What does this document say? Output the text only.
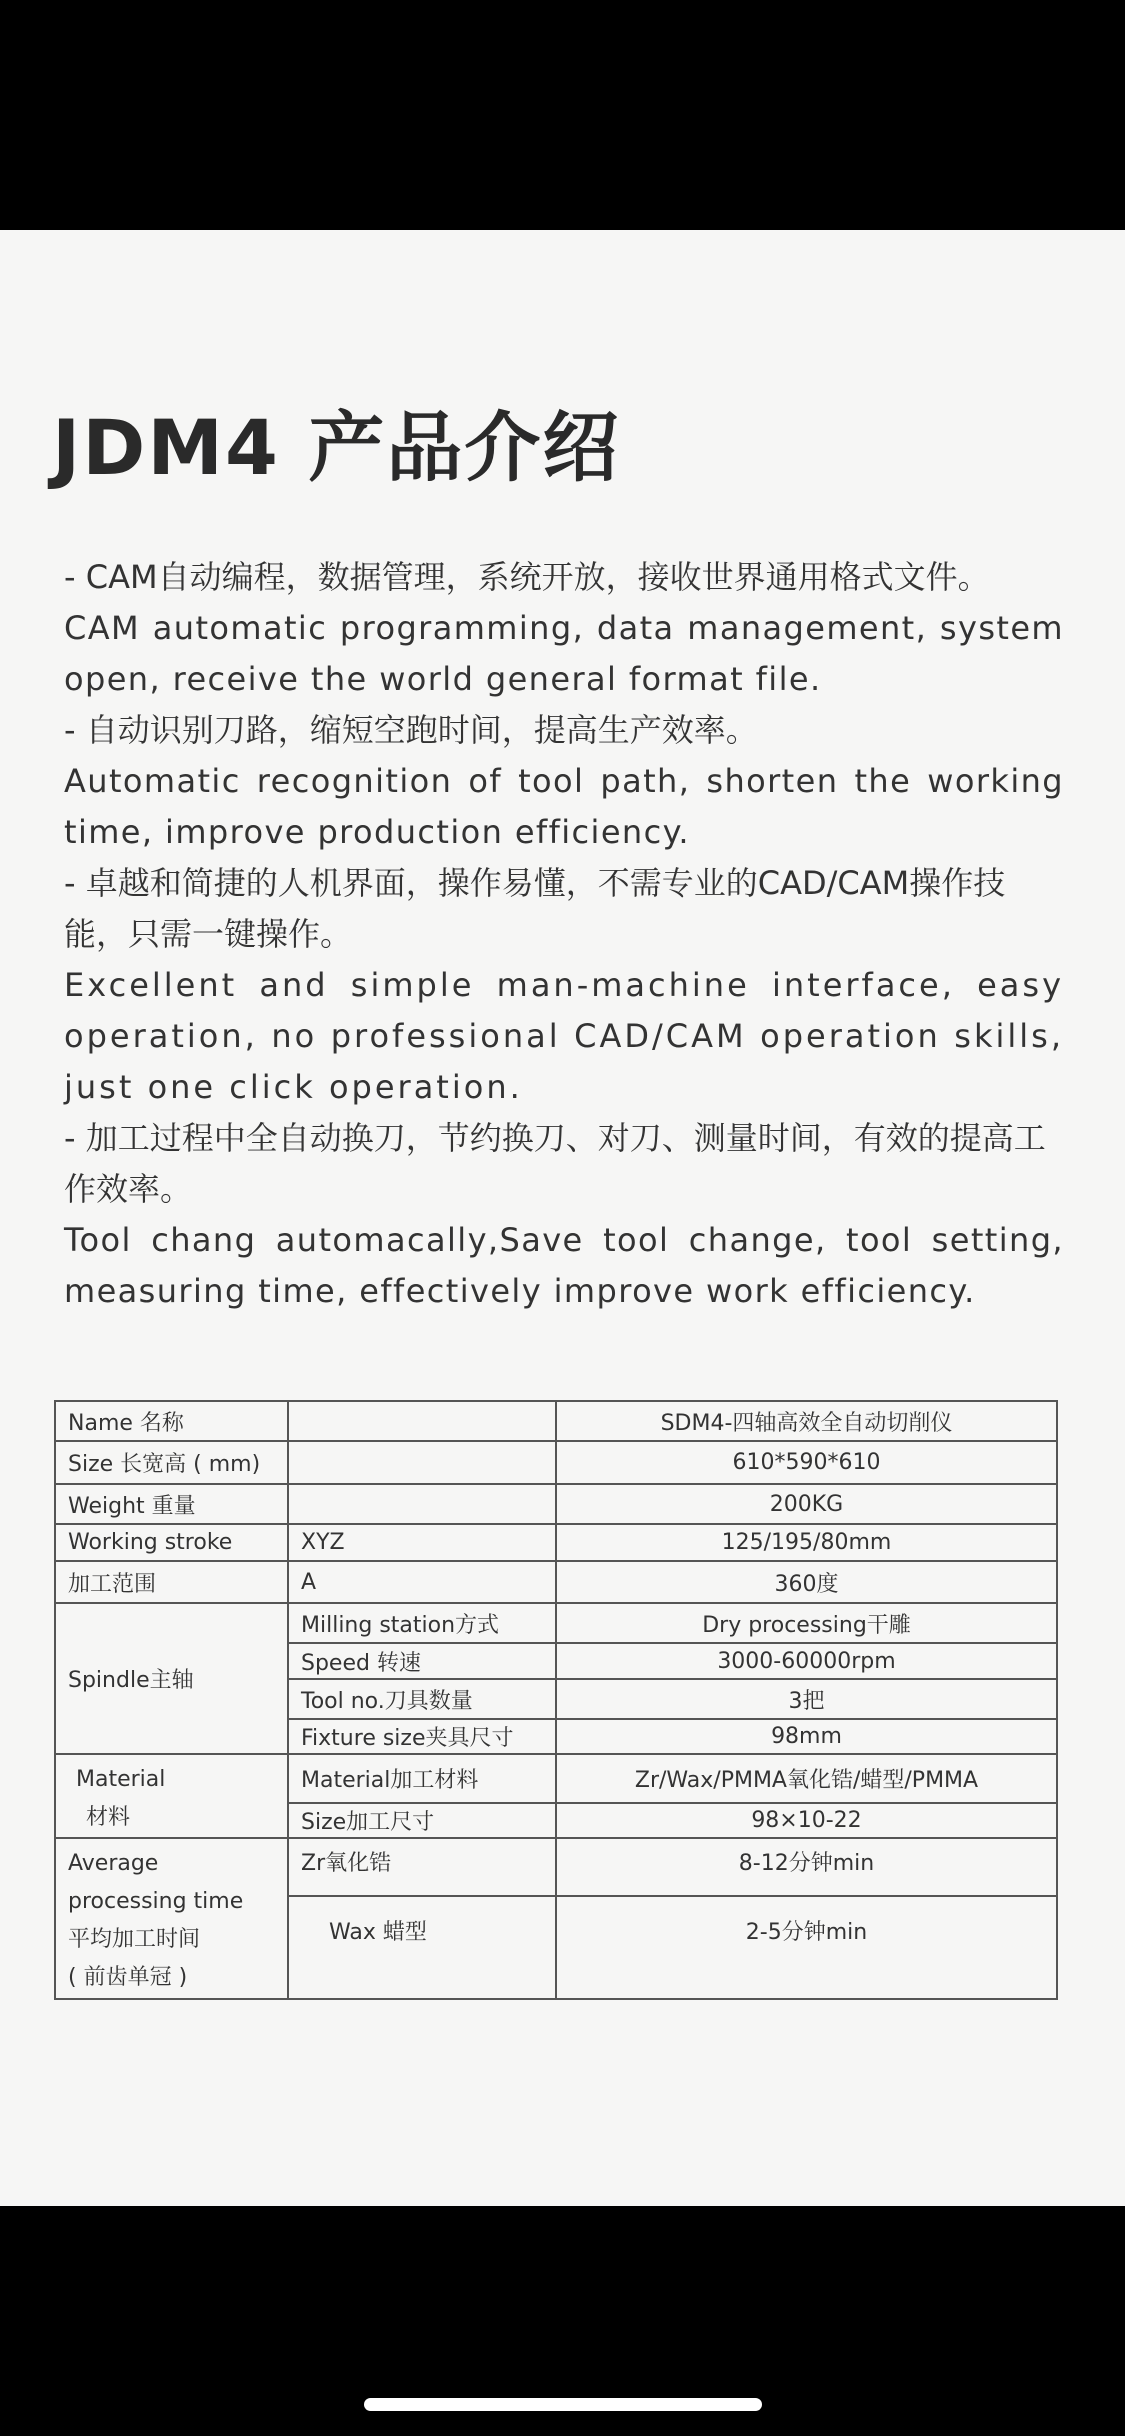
JDM4 产品介绍

- CAM自动编程，数据管理，系统开放，接收世界通用格式文件。

CAM automatic programming, data management, system open, receive the world general format file.

- 自动识别刀路，缩短空跑时间，提高生产效率。

Automatic recognition of tool path, shorten the working time, improve production efficiency.

- 卓越和简捷的人机界面，操作易懂，不需专业的CAD/CAM操作技能，只需一键操作。

Excellent and simple man-machine interface, easy operation, no professional CAD/CAM operation skills, just one click operation.

- 加工过程中全自动换刀，节约换刀、对刀、测量时间，有效的提高工作效率。

Tool chang automacally,Save tool change, tool setting, measuring time, effectively improve work efficiency.

Name 名称		SDM4-四轴高效全自动切削仪
Size 长宽高 ( mm)		610*590*610
Weight 重量		200KG
Working stroke	XYZ	125/195/80mm
加工范围	A	360度
Spindle主轴	Milling station方式	Dry processing干雕
	Speed 转速	3000-60000rpm
	Tool no.刀具数量	3把
	Fixture size夹具尺寸	98mm

Material
材料	Material加工材料	Zr/Wax/PMMA氧化锆/蜡型/PMMA
	Size加工尺寸	98×10-22

Average
processing time
平均加工时间
( 前齿单冠 )	Zr氧化锆	8-12分钟min
	Wax 蜡型	2-5分钟min
